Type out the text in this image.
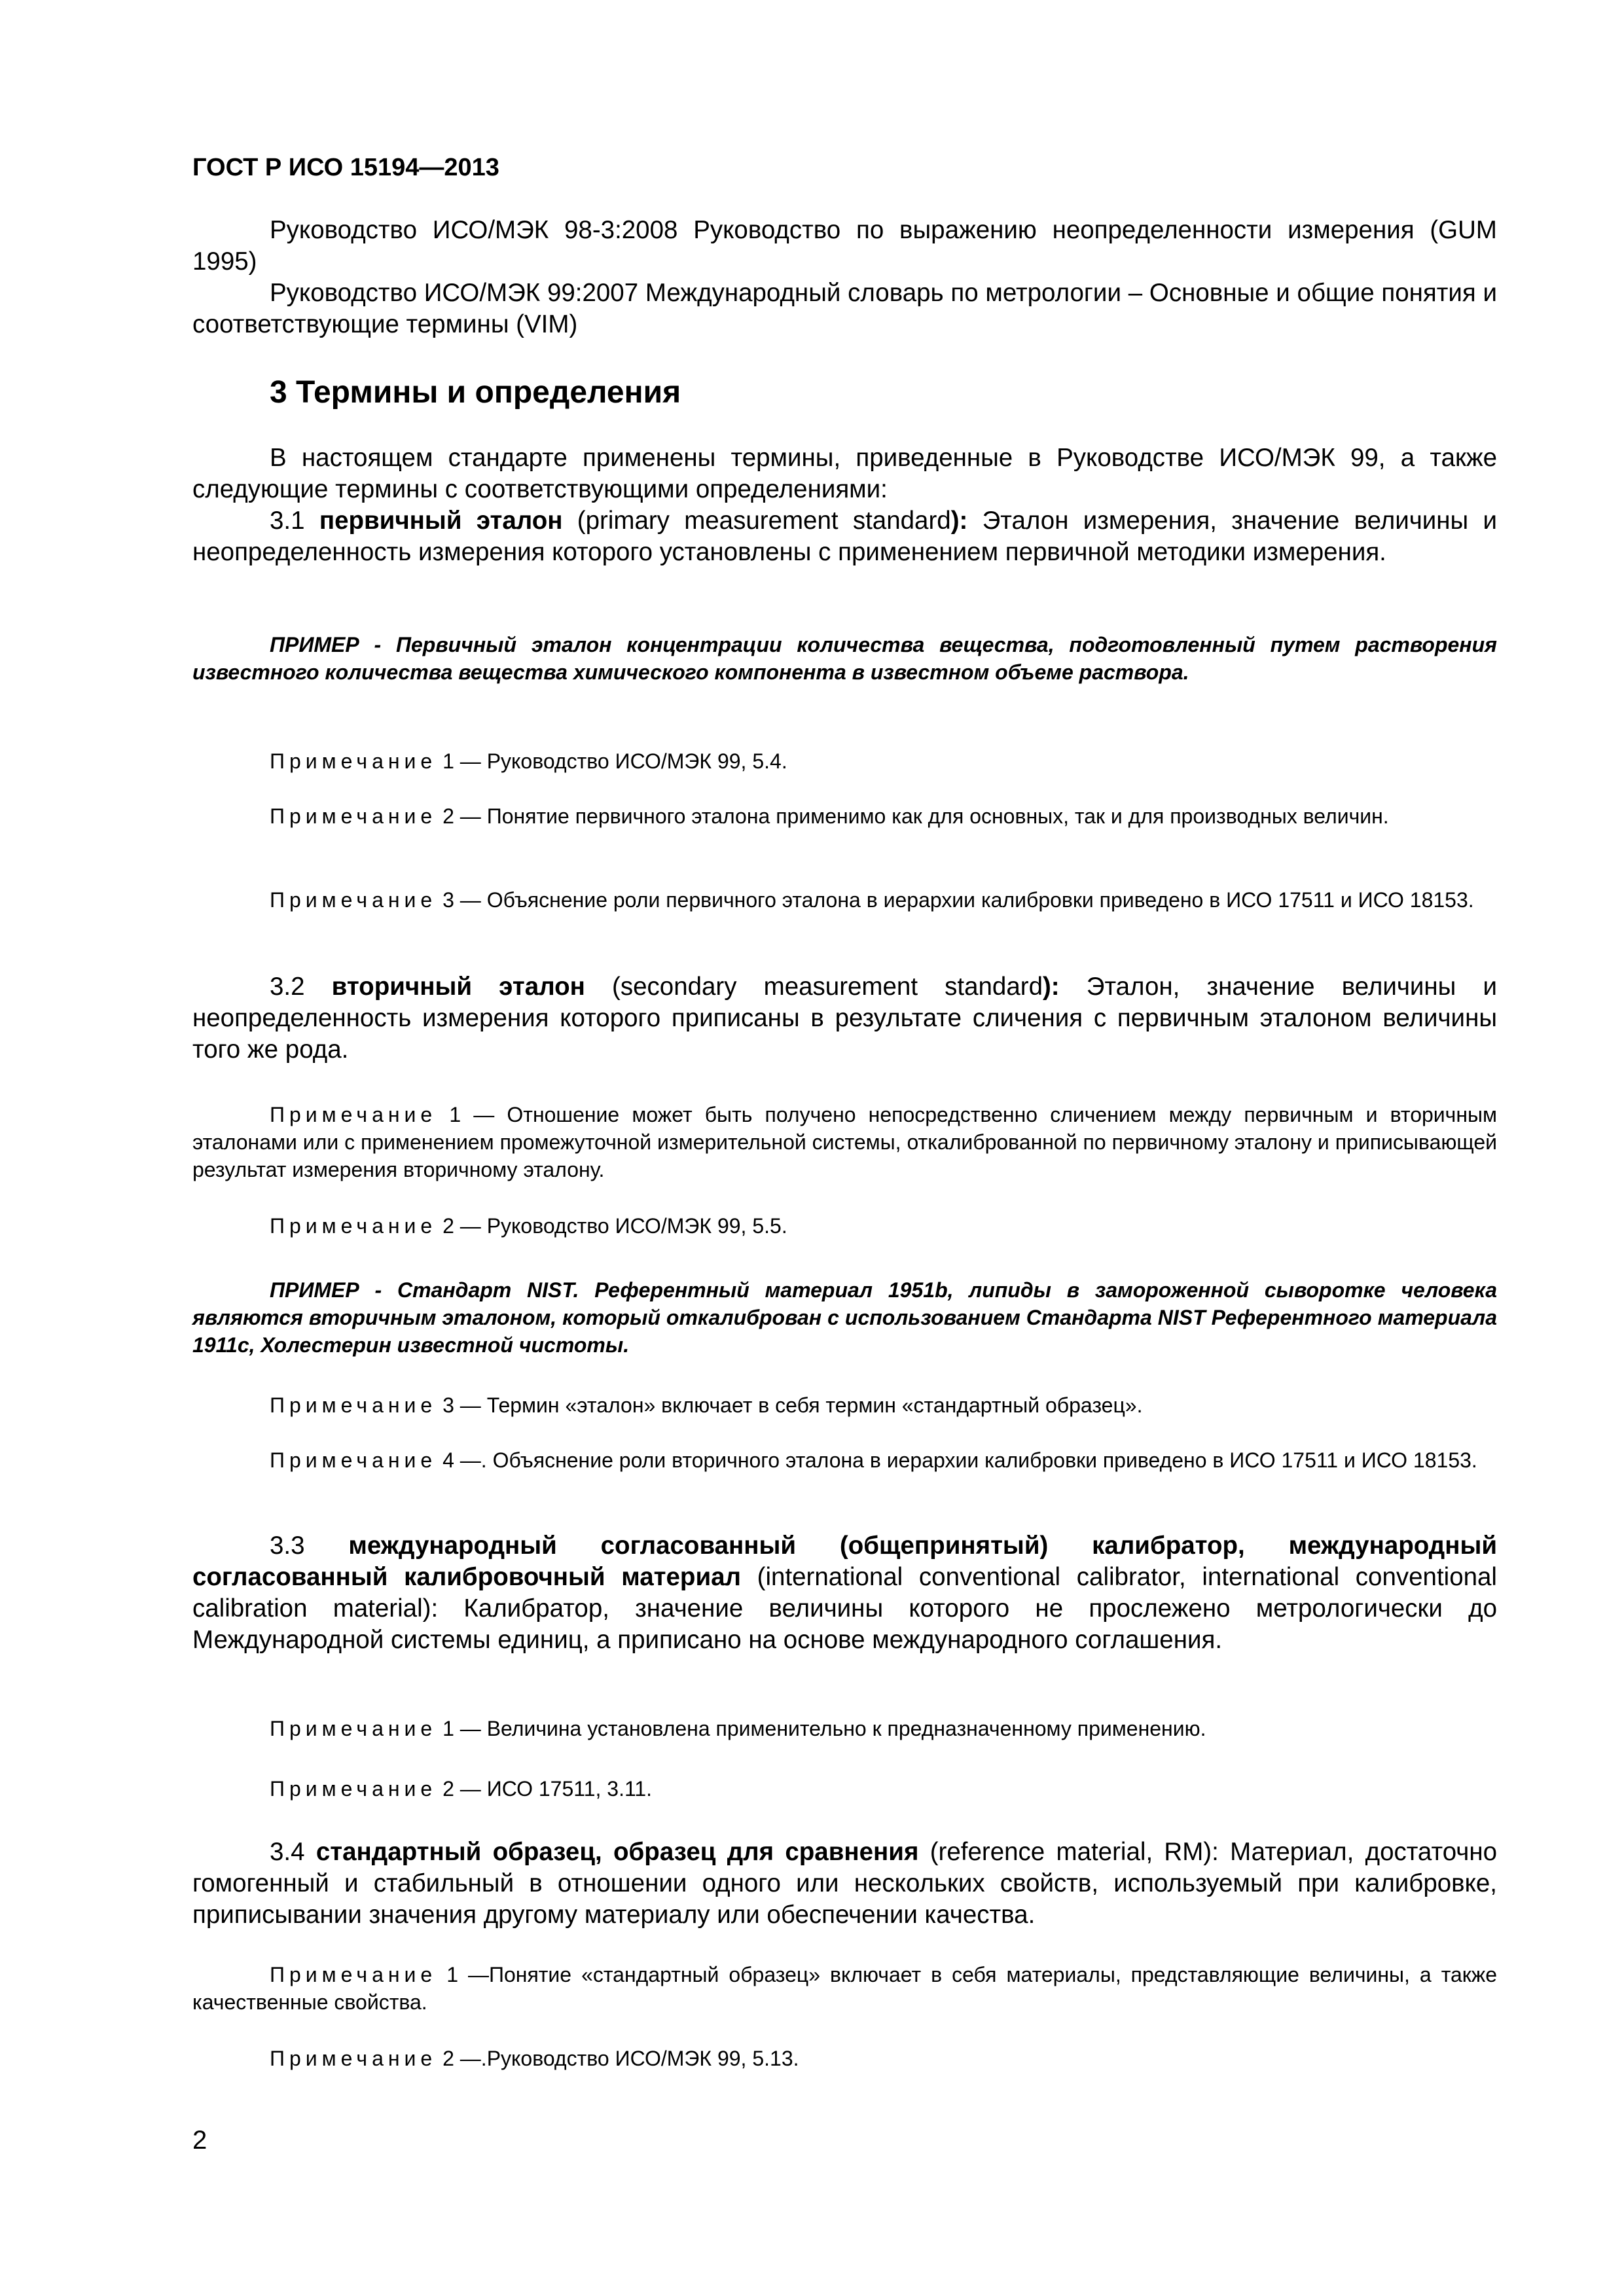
ГОСТ Р ИСО 15194—2013

Руководство ИСО/МЭК 98-3:2008 Руководство по выражению неопределенности измерения (GUM 1995)

Руководство ИСО/МЭК 99:2007 Международный словарь по метрологии – Основные и общие понятия и соответствующие термины (VIM)

3 Термины и определения

В настоящем стандарте применены термины, приведенные в Руководстве ИСО/МЭК 99, а также следующие термины с соответствующими определениями:

3.1 первичный эталон (primary measurement standard): Эталон измерения, значение величины и неопределенность измерения которого установлены с применением первичной методики измерения.

ПРИМЕР - Первичный эталон концентрации количества вещества, подготовленный путем растворения известного количества вещества химического компонента в известном объеме раствора.

Примечание 1 — Руководство ИСО/МЭК 99, 5.4.

Примечание 2 — Понятие первичного эталона применимо как для основных, так и для производных величин.

Примечание 3 — Объяснение роли первичного эталона в иерархии калибровки приведено в ИСО 17511 и ИСО 18153.

3.2 вторичный эталон (secondary measurement standard): Эталон, значение величины и неопределенность измерения которого приписаны в результате сличения с первичным эталоном величины того же рода.

Примечание 1 — Отношение может быть получено непосредственно сличением между первичным и вторичным эталонами или с применением промежуточной измерительной системы, откалиброванной по первичному эталону и приписывающей результат измерения вторичному эталону.

Примечание 2 — Руководство ИСО/МЭК 99, 5.5.

ПРИМЕР - Стандарт NIST. Референтный материал 1951b, липиды в замороженной сыворотке человека являются вторичным эталоном, который откалиброван с использованием Стандарта NIST Референтного материала 1911с, Холестерин известной чистоты.

Примечание 3 — Термин «эталон» включает в себя термин «стандартный образец».

Примечание 4 —. Объяснение роли вторичного эталона в иерархии калибровки приведено в ИСО 17511 и ИСО 18153.

3.3 международный согласованный (общепринятый) калибратор, международный согласованный калибровочный материал (international conventional calibrator, international conventional calibration material): Калибратор, значение величины которого не прослежено метрологически до Международной системы единиц, а приписано на основе международного соглашения.

Примечание 1 — Величина установлена применительно к предназначенному применению.

Примечание 2 — ИСО 17511, 3.11.

3.4 стандартный образец, образец для сравнения (reference material, RM): Материал, достаточно гомогенный и стабильный в отношении одного или нескольких свойств, используемый при калибровке, приписывании значения другому материалу или обеспечении качества.

Примечание 1 —Понятие «стандартный образец» включает в себя материалы, представляющие величины, а также качественные свойства.

Примечание 2 —.Руководство ИСО/МЭК 99, 5.13.

2
